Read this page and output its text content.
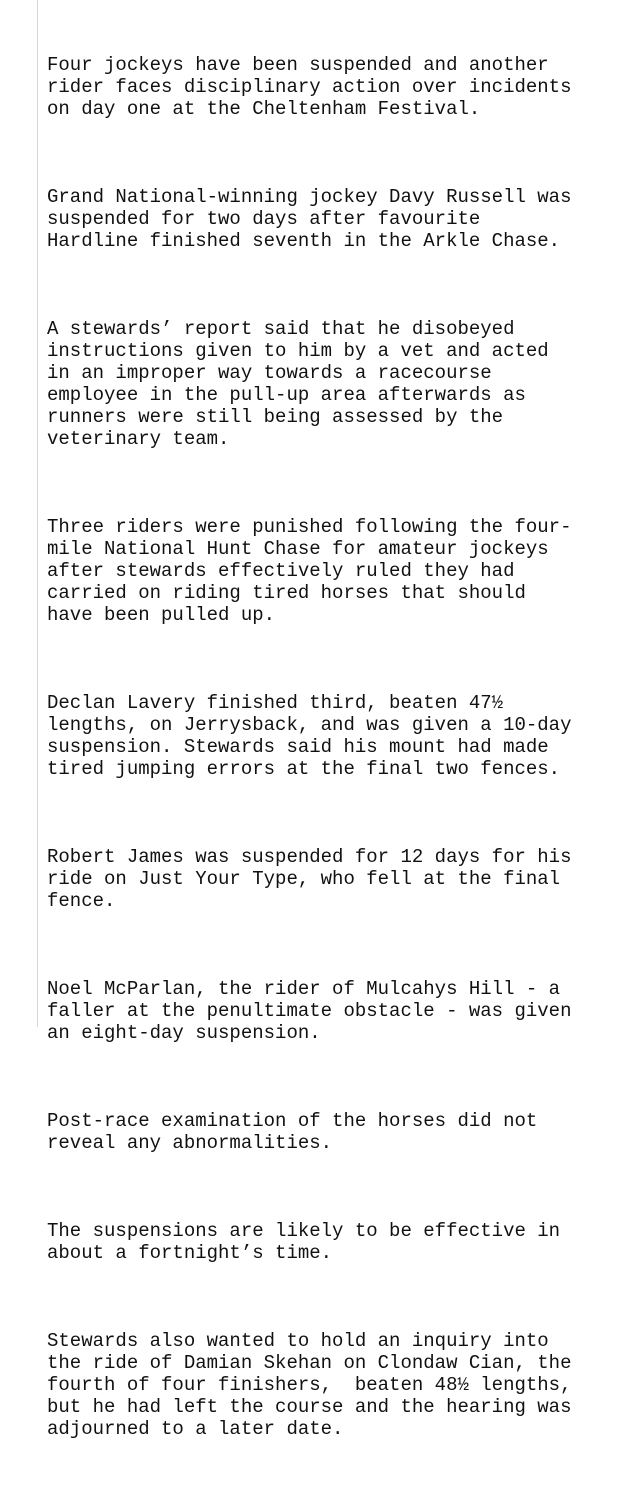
Four jockeys have been suspended and another
rider faces disciplinary action over incidents
on day one at the Cheltenham Festival.

Grand National-winning jockey Davy Russell was
suspended for two days after favourite
Hardline finished seventh in the Arkle Chase.

A stewards’ report said that he disobeyed
instructions given to him by a vet and acted
in an improper way towards a racecourse
employee in the pull-up area afterwards as
runners were still being assessed by the
veterinary team.

Three riders were punished following the four-
mile National Hunt Chase for amateur jockeys
after stewards effectively ruled they had
carried on riding tired horses that should
have been pulled up.

Declan Lavery finished third, beaten 47½
lengths, on Jerrysback, and was given a 10-day
suspension. Stewards said his mount had made
tired jumping errors at the final two fences.

Robert James was suspended for 12 days for his
ride on Just Your Type, who fell at the final
fence.

Noel McParlan, the rider of Mulcahys Hill - a
faller at the penultimate obstacle - was given
an eight-day suspension.

Post-race examination of the horses did not
reveal any abnormalities.

The suspensions are likely to be effective in
about a fortnight’s time.

Stewards also wanted to hold an inquiry into
the ride of Damian Skehan on Clondaw Cian, the
fourth of four finishers,  beaten 48½ lengths,
but he had left the course and the hearing was
adjourned to a later date.
